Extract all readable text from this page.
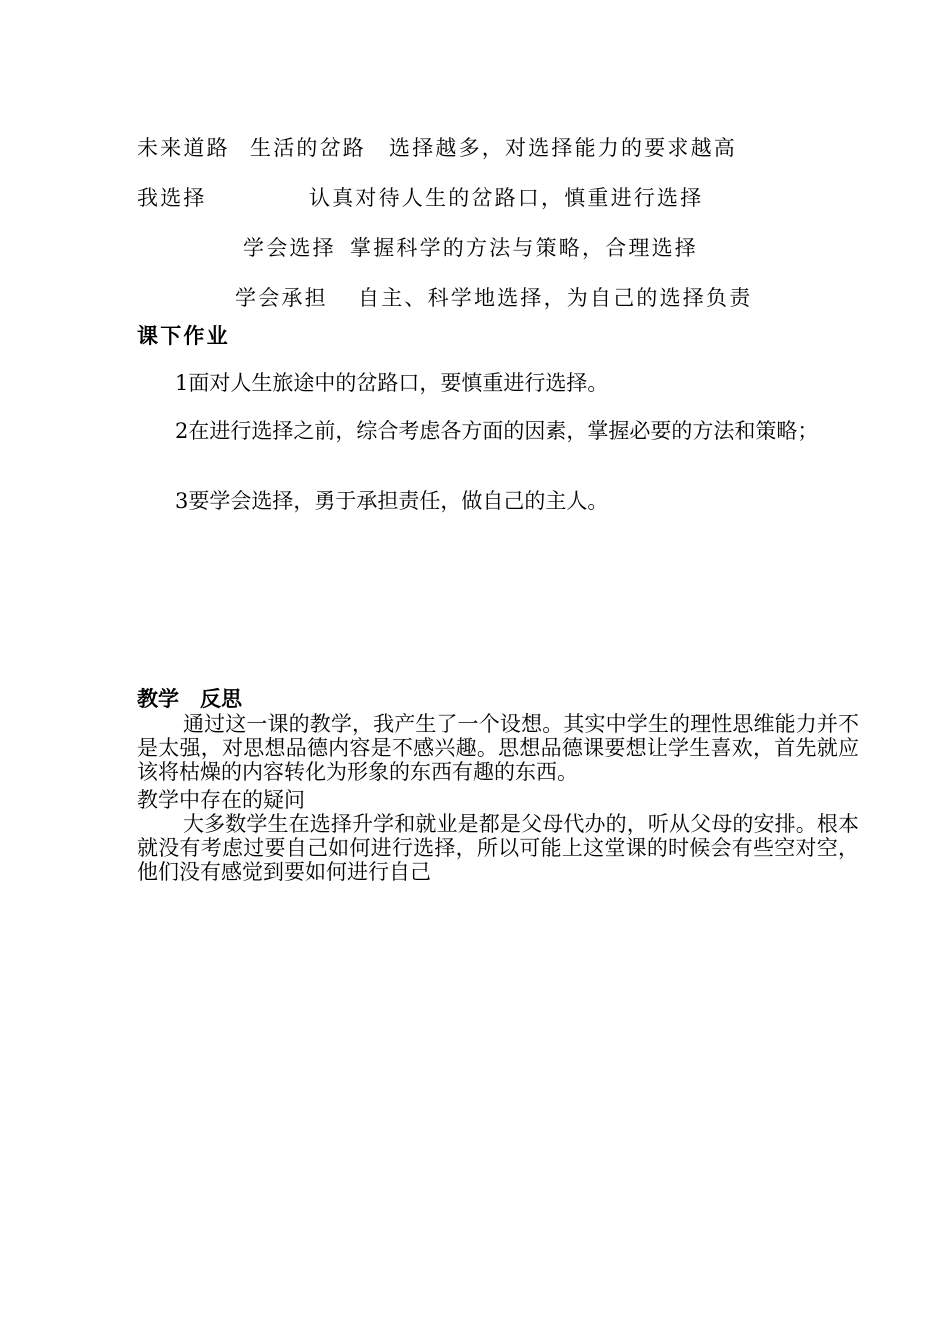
未来道路 生活的岔路 选择越多，对选择能力的要求越高
我选择	认真对待人生的岔路口，慎重进行选择
学会选择 掌握科学的方法与策略，合理选择
学会承担 自主、科学地选择，为自己的选择负责
课下作业
1面对人生旅途中的岔路口，要慎重进行选择。
2在进行选择之前，综合考虑各方面的因素，掌握必要的方法和策略；
3要学会选择，勇于承担责任，做自己的主人。
教学　反思
通过这一课的教学，我产生了一个设想。其实中学生的理性思维能力并不是太强，对思想品德内容是不感兴趣。思想品德课要想让学生喜欢，首先就应该将枯燥的内容转化为形象的东西有趣的东西。
教学中存在的疑问
大多数学生在选择升学和就业是都是父母代办的，听从父母的安排。根本就没有考虑过要自己如何进行选择，所以可能上这堂课的时候会有些空对空，他们没有感觉到要如何进行自己
